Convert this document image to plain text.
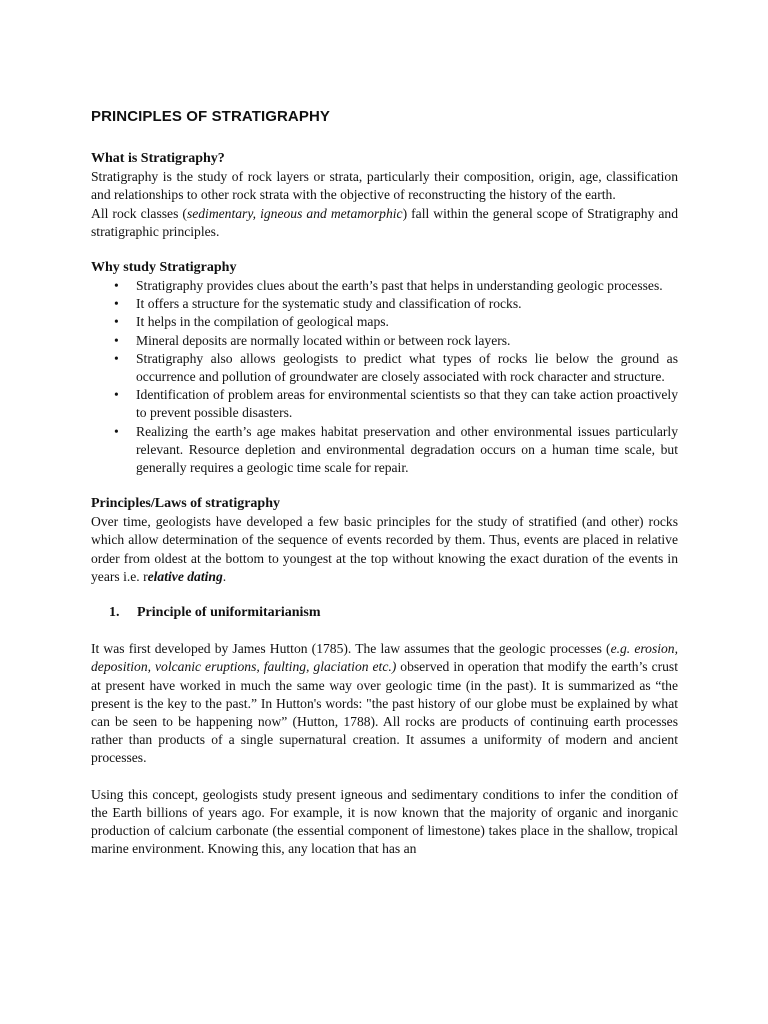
PRINCIPLES OF STRATIGRAPHY
What is Stratigraphy?

Stratigraphy is the study of rock layers or strata, particularly their composition, origin, age, classification and relationships to other rock strata with the objective of reconstructing the history of the earth.

All rock classes (sedimentary, igneous and metamorphic) fall within the general scope of Stratigraphy and stratigraphic principles.

Why study Stratigraphy
• Stratigraphy provides clues about the earth’s past that helps in understanding geologic processes.
• It offers a structure for the systematic study and classification of rocks.
• It helps in the compilation of geological maps.
• Mineral deposits are normally located within or between rock layers.
• Stratigraphy also allows geologists to predict what types of rocks lie below the ground as occurrence and pollution of groundwater are closely associated with rock character and structure.
• Identification of problem areas for environmental scientists so that they can take action proactively to prevent possible disasters.
• Realizing the earth’s age makes habitat preservation and other environmental issues particularly relevant. Resource depletion and environmental degradation occurs on a human time scale, but generally requires a geologic time scale for repair.
Principles/Laws of stratigraphy

Over time, geologists have developed a few basic principles for the study of stratified (and other) rocks which allow determination of the sequence of events recorded by them. Thus, events are placed in relative order from oldest at the bottom to youngest at the top without knowing the exact duration of the events in years i.e. relative dating.

1.	Principle of uniformitarianism

It was first developed by James Hutton (1785). The law assumes that the geologic processes (e.g. erosion, deposition, volcanic eruptions, faulting, glaciation etc.) observed in operation that modify the earth’s crust at present have worked in much the same way over geologic time (in the past). It is summarized as “the present is the key to the past.” In Hutton's words: "the past history of our globe must be explained by what can be seen to be happening now” (Hutton, 1788). All rocks are products of continuing earth processes rather than products of a single supernatural creation. It assumes a uniformity of modern and ancient processes.

Using this concept, geologists study present igneous and sedimentary conditions to infer the condition of the Earth billions of years ago. For example, it is now known that the majority of organic and inorganic production of calcium carbonate (the essential component of limestone) takes place in the shallow, tropical marine environment. Knowing this, any location that has an
